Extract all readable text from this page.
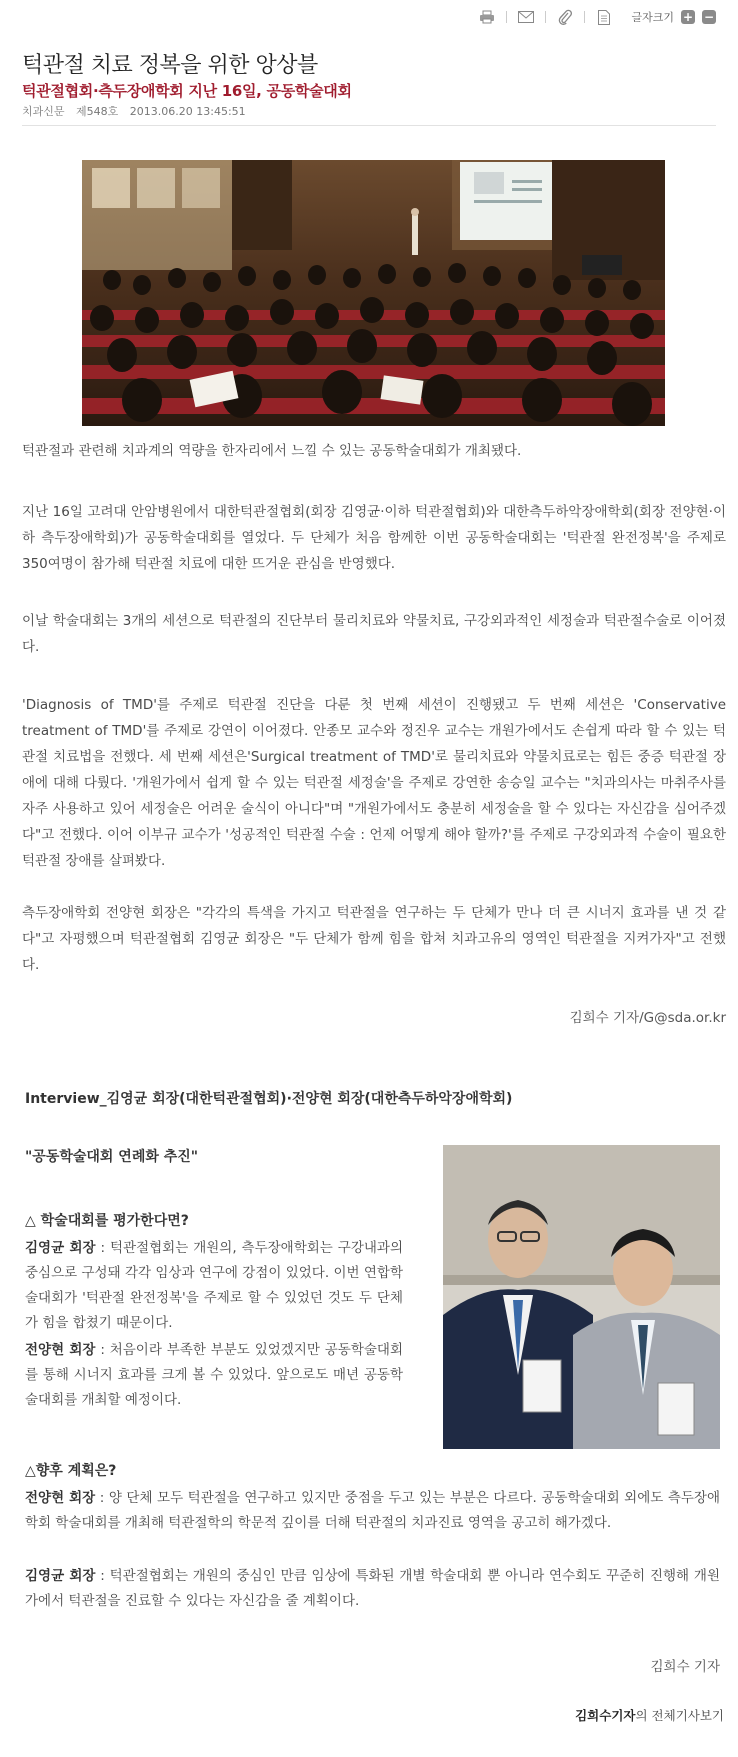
글자크기 + −
턱관절 치료 정복을 위한 앙상블
턱관절협회·측두장애학회 지난 16일, 공동학술대회
치과신문 제548호 2013.06.20 13:45:51

턱관절과 관련해 치과계의 역량을 한자리에서 느낄 수 있는 공동학술대회가 개최됐다.

지난 16일 고려대 안암병원에서 대한턱관절협회(회장 김영균·이하 턱관절협회)와 대한측두하악장애학회(회장 전양현·이하 측두장애학회)가 공동학술대회를 열었다. 두 단체가 처음 함께한 이번 공동학술대회는 '턱관절 완전정복'을 주제로 350여명이 참가해 턱관절 치료에 대한 뜨거운 관심을 반영했다.

이날 학술대회는 3개의 세션으로 턱관절의 진단부터 물리치료와 약물치료, 구강외과적인 세정술과 턱관절수술로 이어졌다.

'Diagnosis of TMD'를 주제로 턱관절 진단을 다룬 첫 번째 세션이 진행됐고 두 번째 세션은 'Conservative treatment of TMD'를 주제로 강연이 이어졌다. 안종모 교수와 정진우 교수는 개원가에서도 손쉽게 따라 할 수 있는 턱관절 치료법을 전했다. 세 번째 세션은'Surgical treatment of TMD'로 물리치료와 약물치료로는 힘든 중증 턱관절 장애에 대해 다뤘다. '개원가에서 쉽게 할 수 있는 턱관절 세정술'을 주제로 강연한 송승일 교수는 "치과의사는 마취주사를 자주 사용하고 있어 세정술은 어려운 술식이 아니다"며 "개원가에서도 충분히 세정술을 할 수 있다는 자신감을 심어주겠다"고 전했다. 이어 이부규 교수가 '성공적인 턱관절 수술 : 언제 어떻게 해야 할까?'를 주제로 구강외과적 수술이 필요한 턱관절 장애를 살펴봤다.

측두장애학회 전양현 회장은 "각각의 특색을 가지고 턱관절을 연구하는 두 단체가 만나 더 큰 시너지 효과를 낸 것 같다"고 자평했으며 턱관절협회 김영균 회장은 "두 단체가 함께 힘을 합쳐 치과고유의 영역인 턱관절을 지켜가자"고 전했다.

김희수 기자/G@sda.or.kr
Interview_김영균 회장(대한턱관절협회)·전양현 회장(대한측두하악장애학회)
"공동학술대회 연례화 추진"
△ 학술대회를 평가한다면?

김영균 회장 : 턱관절협회는 개원의, 측두장애학회는 구강내과의 중심으로 구성돼 각각 임상과 연구에 강점이 있었다. 이번 연합학술대회가 '턱관절 완전정복'을 주제로 할 수 있었던 것도 두 단체가 힘을 합쳤기 때문이다.

전양현 회장 : 처음이라 부족한 부분도 있었겠지만 공동학술대회를 통해 시너지 효과를 크게 볼 수 있었다. 앞으로도 매년 공동학술대회를 개최할 예정이다.

△향후 계획은?

전양현 회장 : 양 단체 모두 턱관절을 연구하고 있지만 중점을 두고 있는 부분은 다르다. 공동학술대회 외에도 측두장애학회 학술대회를 개최해 턱관절학의 학문적 깊이를 더해 턱관절의 치과진료 영역을 공고히 해가겠다.

김영균 회장 : 턱관절협회는 개원의 중심인 만큼 임상에 특화된 개별 학술대회 뿐 아니라 연수회도 꾸준히 진행해 개원가에서 턱관절을 진료할 수 있다는 자신감을 줄 계획이다.

김희수 기자
김희수기자의 전체기사보기
